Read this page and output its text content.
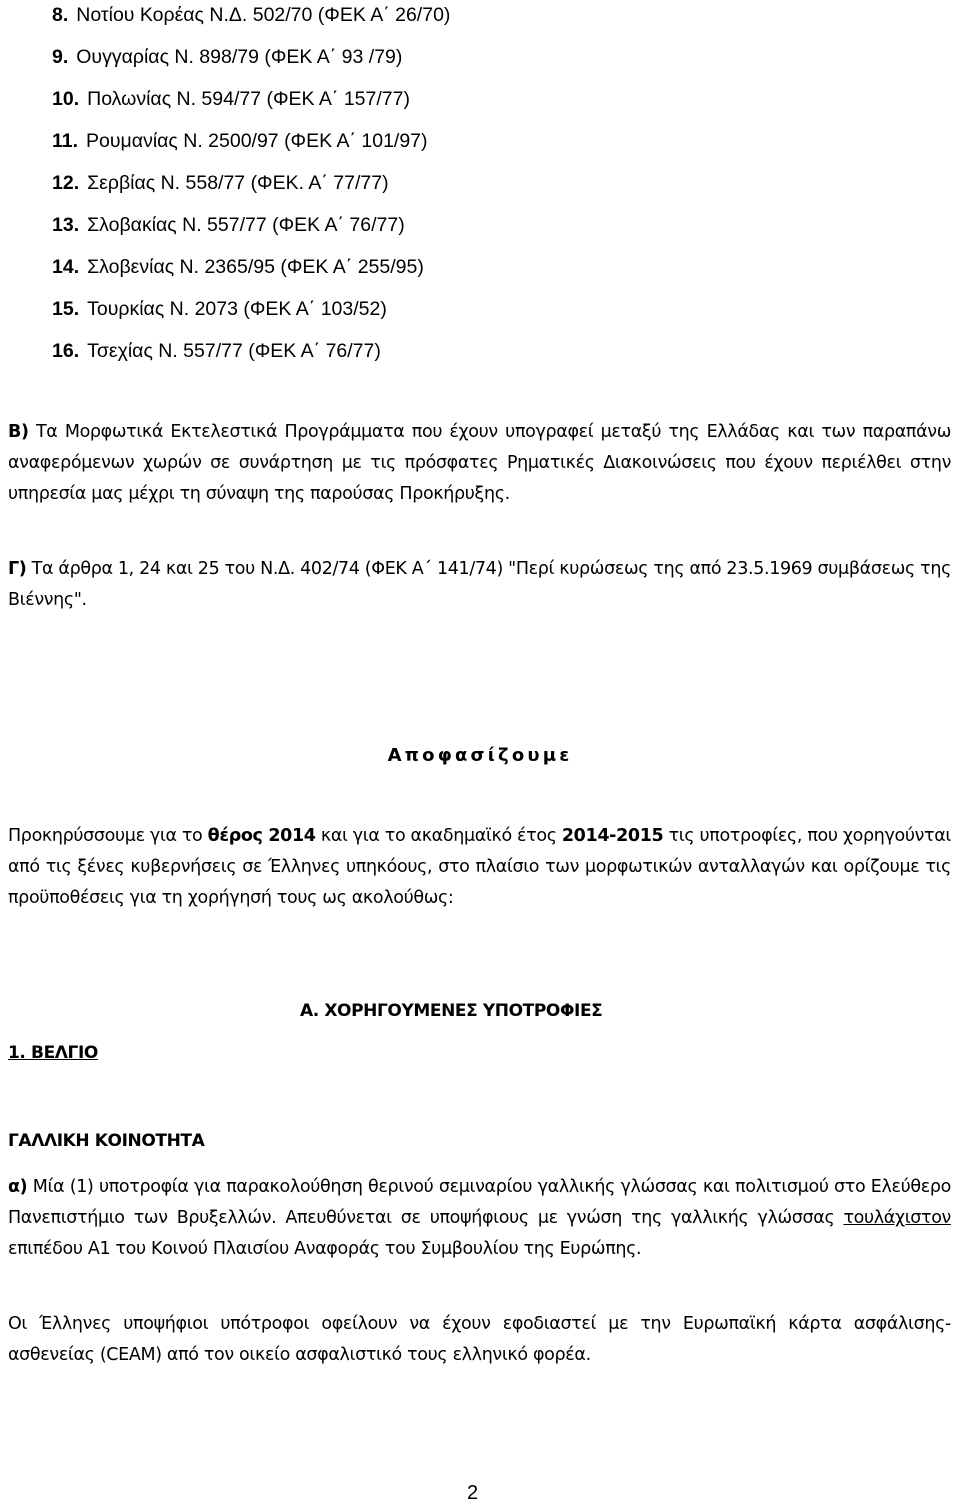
8. Νοτίου Κορέας Ν.Δ. 502/70 (ΦΕΚ Α΄ 26/70)
9. Ουγγαρίας Ν. 898/79 (ΦΕΚ Α΄ 93 /79)
10. Πολωνίας Ν. 594/77 (ΦΕΚ Α΄ 157/77)
11. Ρουμανίας Ν. 2500/97 (ΦΕΚ Α΄ 101/97)
12. Σερβίας Ν. 558/77 (ΦΕΚ. Α΄ 77/77)
13. Σλοβακίας Ν. 557/77 (ΦΕΚ Α΄ 76/77)
14. Σλοβενίας Ν. 2365/95 (ΦΕΚ Α΄ 255/95)
15. Τουρκίας Ν. 2073 (ΦΕΚ Α΄ 103/52)
16. Τσεχίας Ν. 557/77 (ΦΕΚ Α΄ 76/77)

Β) Τα Μορφωτικά Εκτελεστικά Προγράμματα που έχουν υπογραφεί μεταξύ της Ελλάδας και των παραπάνω αναφερόμενων χωρών σε συνάρτηση με τις πρόσφατες Ρηματικές Διακοινώσεις που έχουν περιέλθει στην υπηρεσία μας μέχρι τη σύναψη της παρούσας Προκήρυξης.

Γ) Τα άρθρα 1, 24 και 25 του Ν.Δ. 402/74 (ΦΕΚ Α΄ 141/74) "Περί κυρώσεως της από 23.5.1969 συμβάσεως της Βιέννης".

Αποφασίζουμε

Προκηρύσσουμε για το θέρος 2014 και για το ακαδημαϊκό έτος 2014-2015 τις υποτροφίες, που χορηγούνται από τις ξένες κυβερνήσεις σε Έλληνες υπηκόους, στο πλαίσιο των μορφωτικών ανταλλαγών και ορίζουμε τις προϋποθέσεις για τη χορήγησή τους ως ακολούθως:

Α. ΧΟΡΗΓΟΥΜΕΝΕΣ ΥΠΟΤΡΟΦΙΕΣ

1. ΒΕΛΓΙΟ

ΓΑΛΛΙΚΗ ΚΟΙΝΟΤΗΤΑ

α) Μία (1) υποτροφία για παρακολούθηση θερινού σεμιναρίου γαλλικής γλώσσας και πολιτισμού στο Ελεύθερο Πανεπιστήμιο των Βρυξελλών. Απευθύνεται σε υποψήφιους με γνώση της γαλλικής γλώσσας τουλάχιστον επιπέδου Α1 του Κοινού Πλαισίου Αναφοράς του Συμβουλίου της Ευρώπης.

Οι Έλληνες υποψήφιοι υπότροφοι οφείλουν να έχουν εφοδιαστεί με την Ευρωπαϊκή κάρτα ασφάλισης-ασθενείας (CEAM) από τον οικείο ασφαλιστικό τους ελληνικό φορέα.

2
